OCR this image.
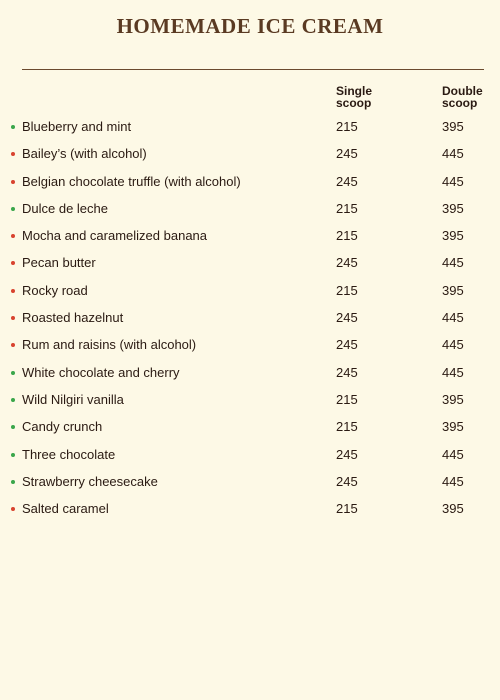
HOMEMADE ICE CREAM
Single
scoop
Double
scoop
Blueberry and mint	215	395
Bailey’s (with alcohol)	245	445
Belgian chocolate truffle (with alcohol)	245	445
Dulce de leche	215	395
Mocha and caramelized banana	215	395
Pecan butter	245	445
Rocky road	215	395
Roasted hazelnut	245	445
Rum and raisins (with alcohol)	245	445
White chocolate and cherry	245	445
Wild Nilgiri vanilla	215	395
Candy crunch	215	395
Three chocolate	245	445
Strawberry cheesecake	245	445
Salted caramel	215	395
